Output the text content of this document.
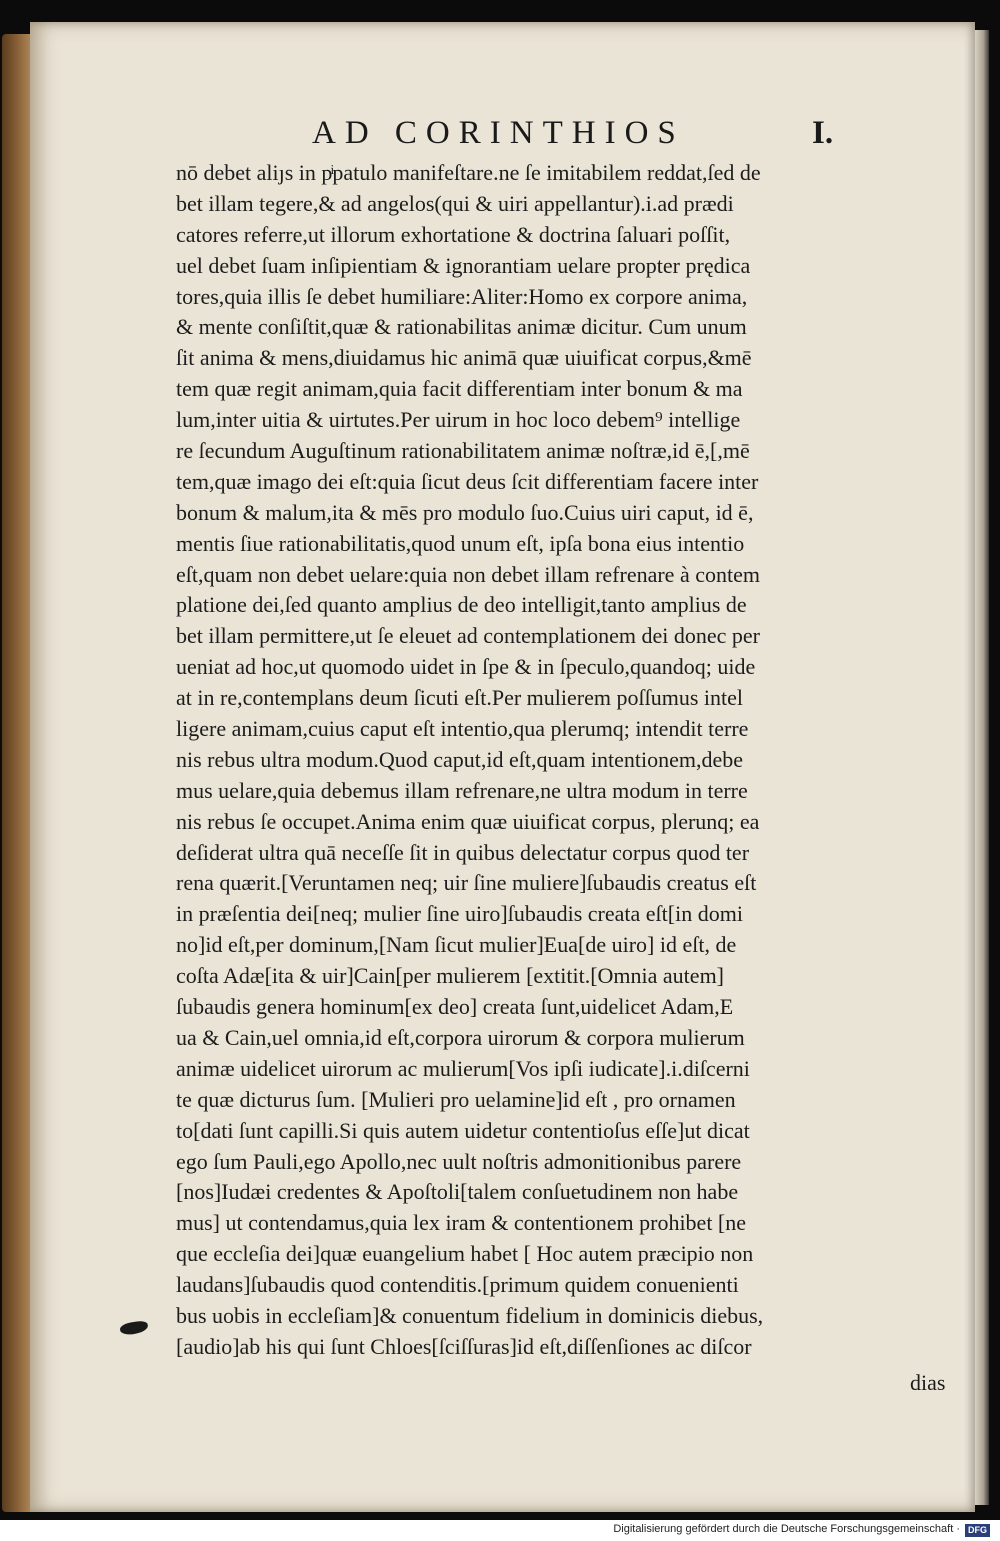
AD CORINTHIOS	I.
nō debet aliȷs in pͥpatulo manifeſtare.ne ſe imitabilem reddat,ſed de
bet illam tegere,& ad angelos(qui & uiri appellantur).i.ad prædi
catores referre,ut illorum exhortatione & doctrina ſaluari poſſit,
uel debet ſuam inſipientiam & ignorantiam uelare propter prędica
tores,quia illis ſe debet humiliare:Aliter:Homo ex corpore anima,
& mente conſiſtit,quæ & rationabilitas animæ dicitur. Cum unum
ſit anima & mens,diuidamus hic animā quæ uiuificat corpus,&mē
tem quæ regit animam,quia facit differentiam inter bonum & ma
lum,inter uitia & uirtutes.Per uirum in hoc loco debem⁹ intellige
re ſecundum Auguſtinum rationabilitatem animæ noſtræ,id ē,[,mē
tem,quæ imago dei eſt:quia ſicut deus ſcit differentiam facere inter
bonum & malum,ita & mēs pro modulo ſuo.Cuius uiri caput, id ē,
mentis ſiue rationabilitatis,quod unum eſt, ipſa bona eius intentio
eſt,quam non debet uelare:quia non debet illam refrenare à contem
platione dei,ſed quanto amplius de deo intelligit,tanto amplius de
bet illam permittere,ut ſe eleuet ad contemplationem dei donec per
ueniat ad hoc,ut quomodo uidet in ſpe & in ſpeculo,quandoq; uide
at in re,contemplans deum ſicuti eſt.Per mulierem poſſumus intel
ligere animam,cuius caput eſt intentio,qua plerumq; intendit terre
nis rebus ultra modum.Quod caput,id eſt,quam intentionem,debe
mus uelare,quia debemus illam refrenare,ne ultra modum in terre
nis rebus ſe occupet.Anima enim quæ uiuificat corpus, plerunq; ea
deſiderat ultra quā neceſſe ſit in quibus delectatur corpus quod ter
rena quærit.[Veruntamen neq; uir ſine muliere]ſubaudis creatus eſt
in præſentia dei[neq; mulier ſine uiro]ſubaudis creata eſt[in domi
no]id eſt,per dominum,[Nam ſicut mulier]Eua[de uiro] id eſt, de
coſta Adæ[ita & uir]Cain[per mulierem [extitit.[Omnia autem]
ſubaudis genera hominum[ex deo] creata ſunt,uidelicet Adam,E
ua & Cain,uel omnia,id eſt,corpora uirorum & corpora mulierum
animæ uidelicet uirorum ac mulierum[Vos ipſi iudicate].i.diſcerni
te quæ dicturus ſum. [Mulieri pro uelamine]id eſt , pro ornamen
to[dati ſunt capilli.Si quis autem uidetur contentioſus eſſe]ut dicat
ego ſum Pauli,ego Apollo,nec uult noſtris admonitionibus parere
[nos]Iudæi credentes & Apoſtoli[talem conſuetudinem non habe
mus] ut contendamus,quia lex iram & contentionem prohibet [ne
que eccleſia dei]quæ euangelium habet [ Hoc autem præcipio non
laudans]ſubaudis quod contenditis.[primum quidem conuenienti
bus uobis in eccleſiam]& conuentum fidelium in dominicis diebus,
[audio]ab his qui ſunt Chloes[ſciſſuras]id eſt,diſſenſiones ac diſcor
dias
Digitalisierung gefördert durch die Deutsche Forschungsgemeinschaft · DFG
